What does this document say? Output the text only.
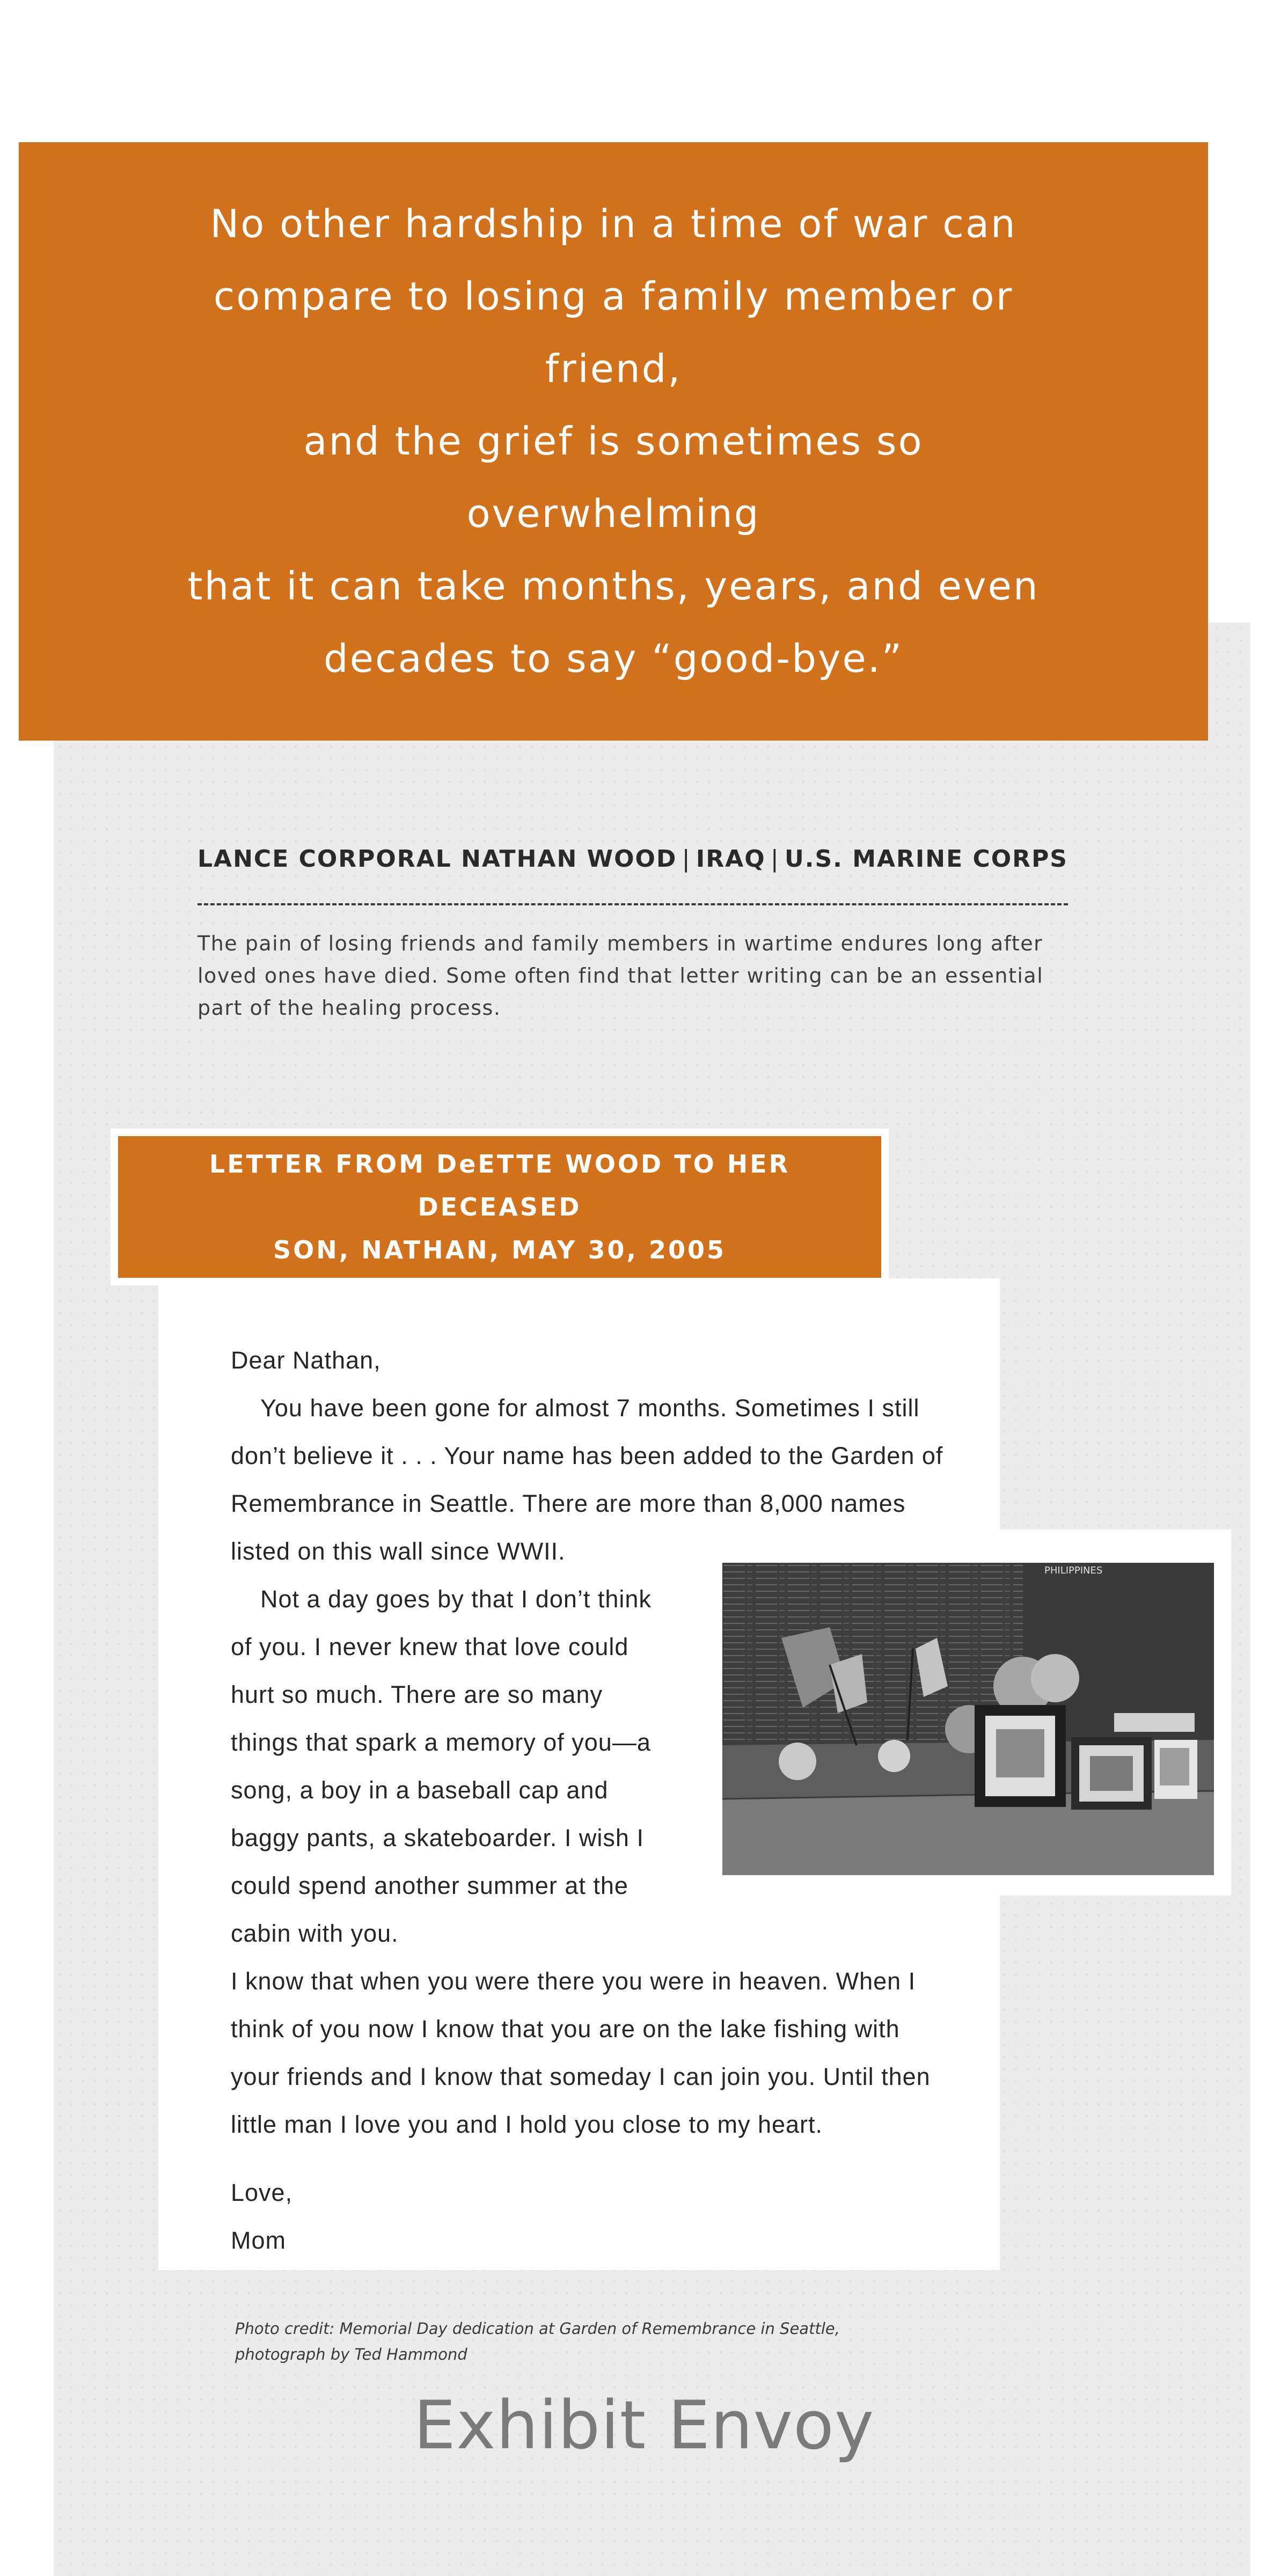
No other hardship in a time of war can
compare to losing a family member or friend,
and the grief is sometimes so overwhelming
that it can take months, years, and even
decades to say “good-bye.”

LANCE CORPORAL NATHAN WOOD | IRAQ | U.S. MARINE CORPS

The pain of losing friends and family members in wartime endures long after loved ones have died. Some often find that letter writing can be an essential part of the healing process.

LETTER FROM DeETTE WOOD TO HER DECEASED
SON, NATHAN, MAY 30, 2005

Dear Nathan,

You have been gone for almost 7 months. Sometimes I still don’t believe it . . . Your name has been added to the Garden of Remembrance in Seattle. There are more than 8,000 names listed on this wall since WWII.

Not a day goes by that I don’t think of you. I never knew that love could hurt so much. There are so many things that spark a memory of you—a song, a boy in a baseball cap and baggy pants, a skateboarder. I wish I could spend another summer at the cabin with you.

I know that when you were there you were in heaven. When I think of you now I know that you are on the lake fishing with your friends and I know that someday I can join you. Until then little man I love you and I hold you close to my heart.

Love,

Mom

PHILIPPINES

Photo credit: Memorial Day dedication at Garden of Remembrance in Seattle,
photograph by Ted Hammond

Exhibit Envoy
